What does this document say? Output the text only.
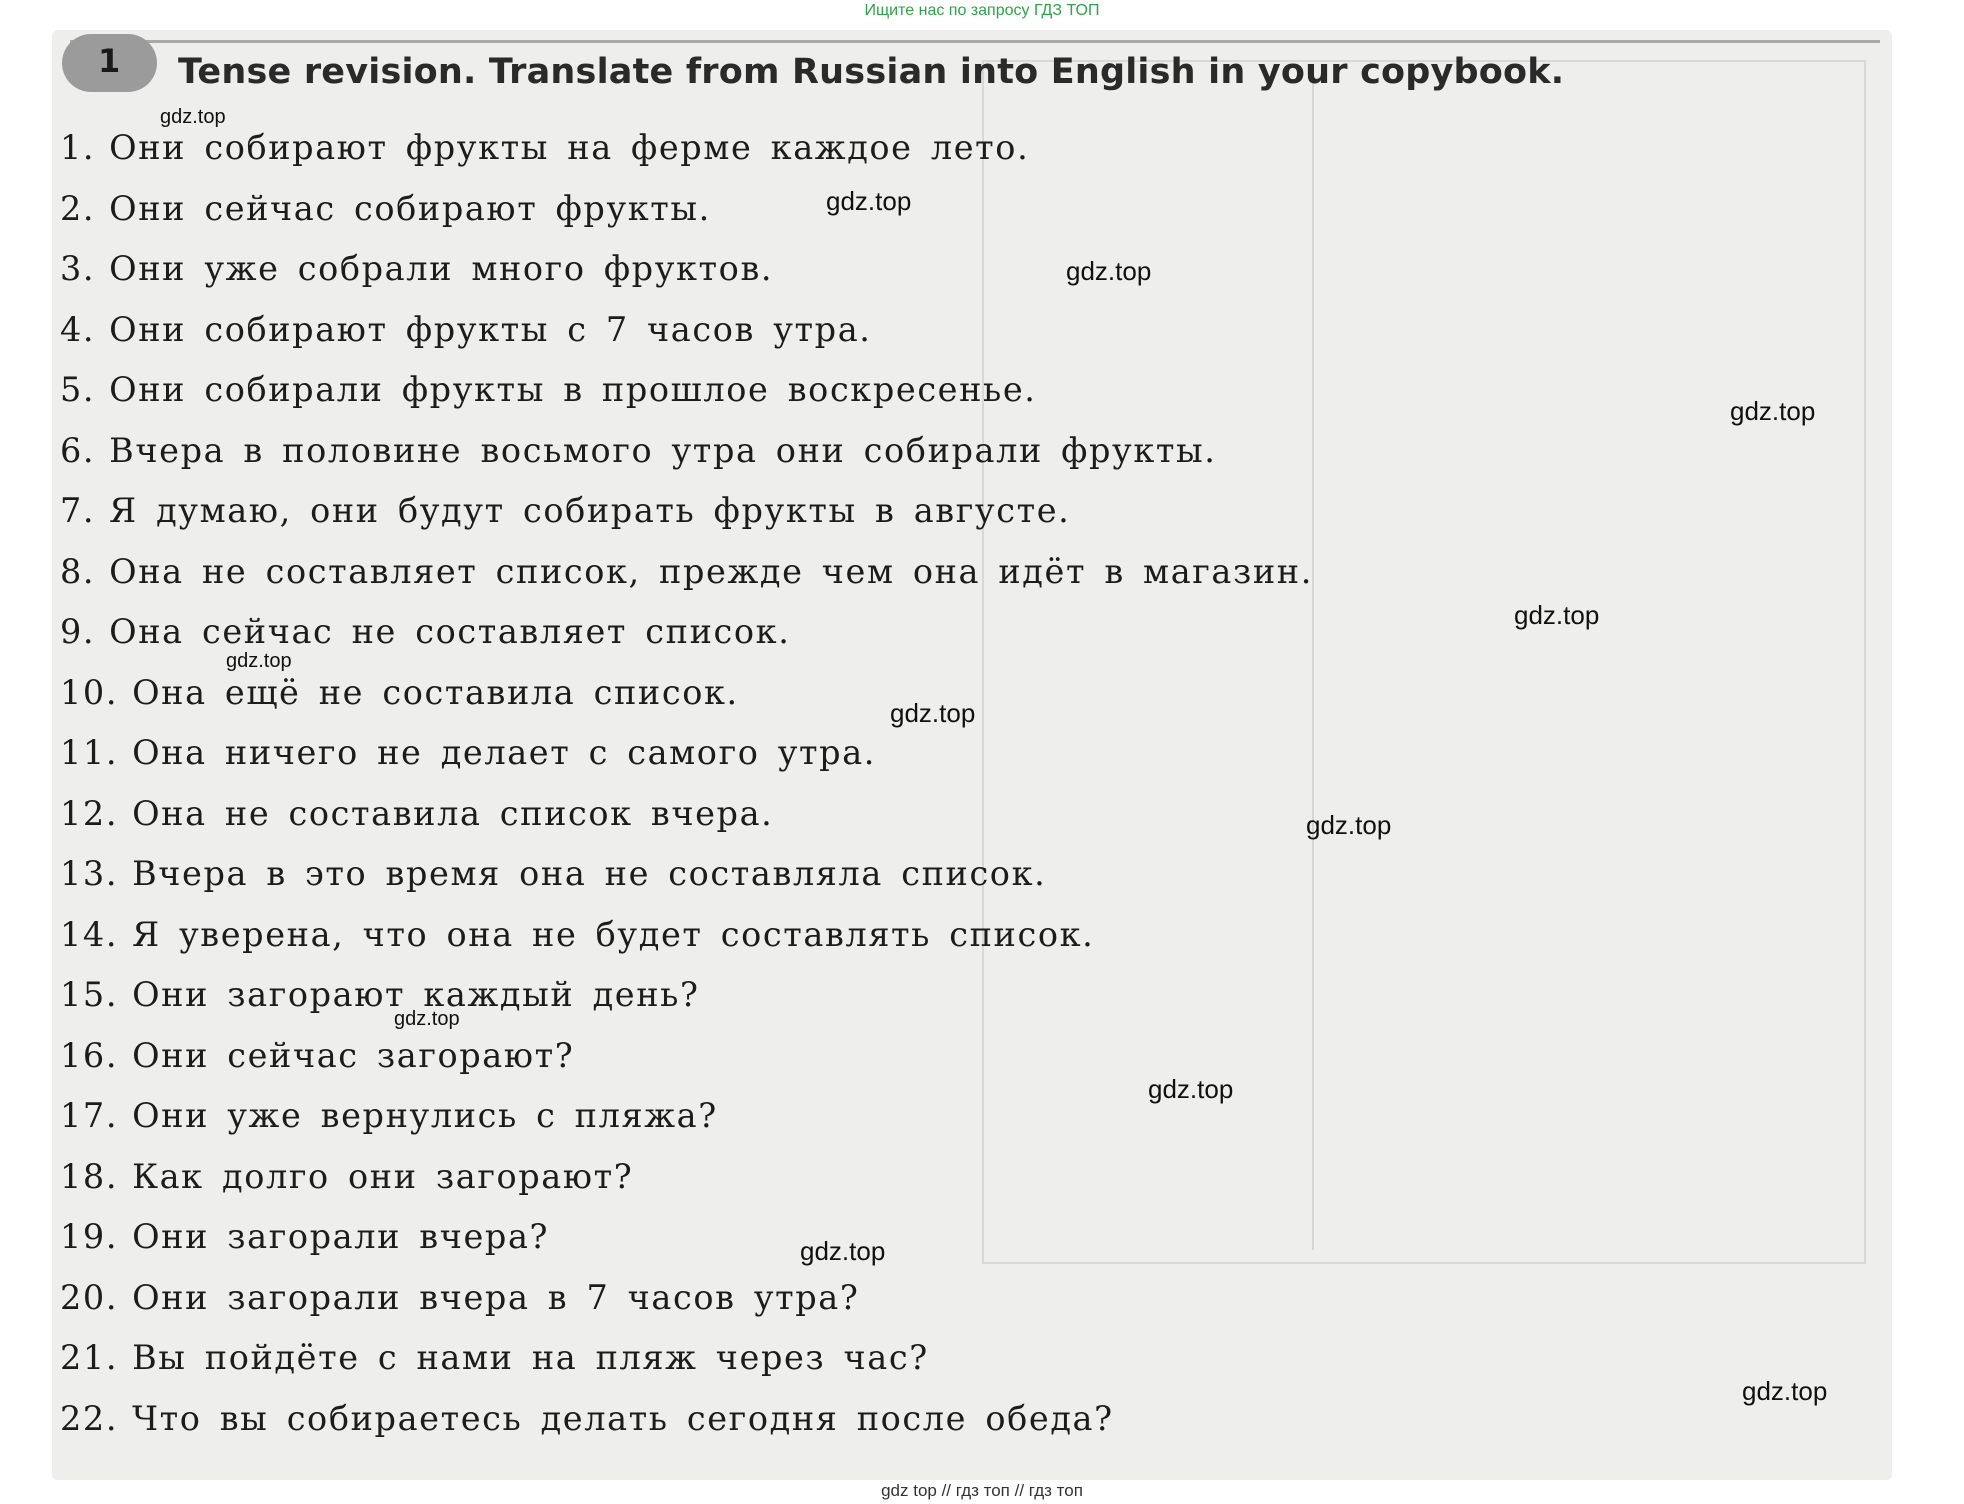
Ищите нас по запросу ГДЗ ТОП
1 Tense revision. Translate from Russian into English in your copybook.
1. Они собирают фрукты на ферме каждое лето.
2. Они сейчас собирают фрукты.
3. Они уже собрали много фруктов.
4. Они собирают фрукты с 7 часов утра.
5. Они собирали фрукты в прошлое воскресенье.
6. Вчера в половине восьмого утра они собирали фрукты.
7. Я думаю, они будут собирать фрукты в августе.
8. Она не составляет список, прежде чем она идёт в магазин.
9. Она сейчас не составляет список.
10. Она ещё не составила список.
11. Она ничего не делает с самого утра.
12. Она не составила список вчера.
13. Вчера в это время она не составляла список.
14. Я уверена, что она не будет составлять список.
15. Они загорают каждый день?
16. Они сейчас загорают?
17. Они уже вернулись с пляжа?
18. Как долго они загорают?
19. Они загорали вчера?
20. Они загорали вчера в 7 часов утра?
21. Вы пойдёте с нами на пляж через час?
22. Что вы собираетесь делать сегодня после обеда?
gdz.top
gdz.top
gdz.top
gdz.top
gdz.top
gdz.top
gdz.top
gdz.top
gdz.top
gdz.top
gdz.top
gdz.top
gdz top // гдз топ // гдз топ
